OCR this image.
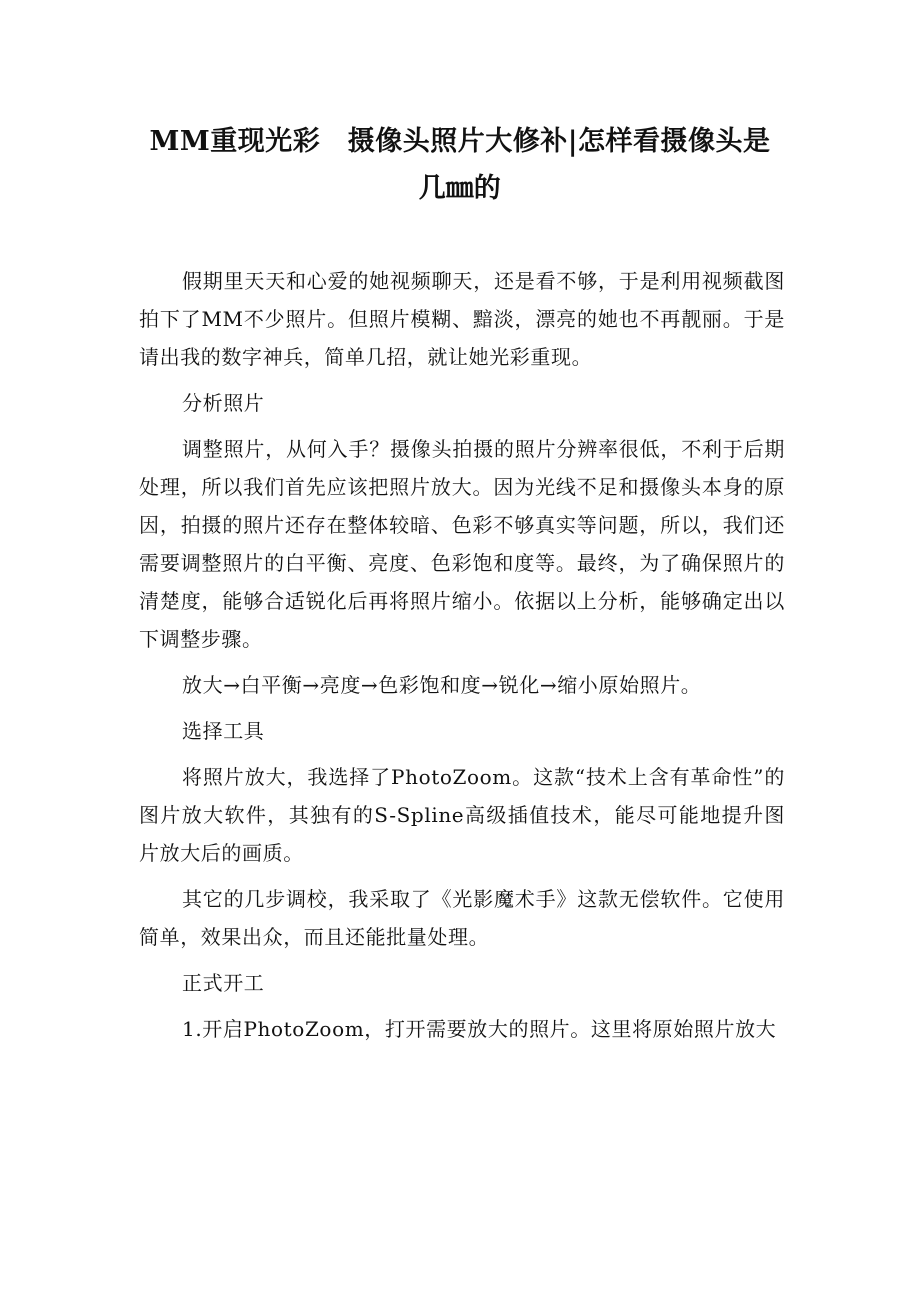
MM重现光彩　摄像头照片大修补|怎样看摄像头是
几㎜的

假期里天天和心爱的她视频聊天，还是看不够，于是利用视频截图拍下了MM不少照片。但照片模糊、黯淡，漂亮的她也不再靓丽。于是请出我的数字神兵，简单几招，就让她光彩重现。

分析照片

调整照片，从何入手？摄像头拍摄的照片分辨率很低，不利于后期处理，所以我们首先应该把照片放大。因为光线不足和摄像头本身的原因，拍摄的照片还存在整体较暗、色彩不够真实等问题，所以，我们还需要调整照片的白平衡、亮度、色彩饱和度等。最终，为了确保照片的清楚度，能够合适锐化后再将照片缩小。依据以上分析，能够确定出以下调整步骤。

放大→白平衡→亮度→色彩饱和度→锐化→缩小原始照片。

选择工具

将照片放大，我选择了PhotoZoom。这款“技术上含有革命性”的图片放大软件，其独有的S-Spline高级插值技术，能尽可能地提升图片放大后的画质。

其它的几步调校，我采取了《光影魔术手》这款无偿软件。它使用简单，效果出众，而且还能批量处理。

正式开工

1.开启PhotoZoom，打开需要放大的照片。这里将原始照片放大
